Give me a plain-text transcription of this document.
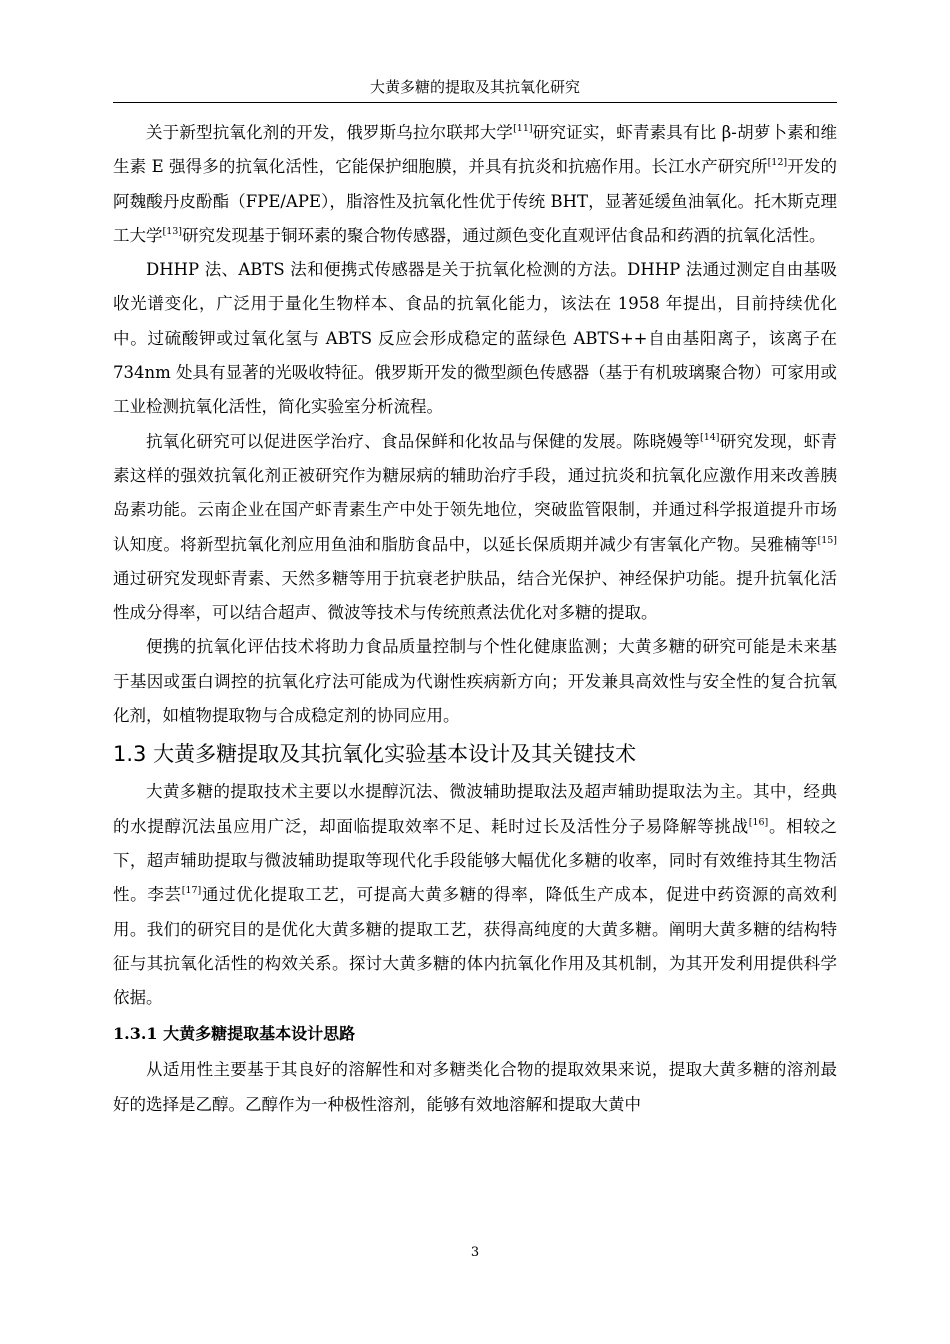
大黄多糖的提取及其抗氧化研究

关于新型抗氧化剂的开发，俄罗斯乌拉尔联邦大学[11]研究证实，虾青素具有比 β-胡萝卜素和维生素 E 强得多的抗氧化活性，它能保护细胞膜，并具有抗炎和抗癌作用。长江水产研究所[12]开发的阿魏酸丹皮酚酯（FPE/APE），脂溶性及抗氧化性优于传统 BHT，显著延缓鱼油氧化。托木斯克理工大学[13]研究发现基于铜环素的聚合物传感器，通过颜色变化直观评估食品和药酒的抗氧化活性。

DHHP 法、ABTS 法和便携式传感器是关于抗氧化检测的方法。DHHP 法通过测定自由基吸收光谱变化，广泛用于量化生物样本、食品的抗氧化能力，该法在 1958 年提出，目前持续优化中。过硫酸钾或过氧化氢与 ABTS 反应会形成稳定的蓝绿色 ABTS++自由基阳离子，该离子在 734nm 处具有显著的光吸收特征。俄罗斯开发的微型颜色传感器（基于有机玻璃聚合物）可家用或工业检测抗氧化活性，简化实验室分析流程。

抗氧化研究可以促进医学治疗、食品保鲜和化妆品与保健的发展。陈晓嫚等[14]研究发现，虾青素这样的强效抗氧化剂正被研究作为糖尿病的辅助治疗手段，通过抗炎和抗氧化应激作用来改善胰岛素功能。云南企业在国产虾青素生产中处于领先地位，突破监管限制，并通过科学报道提升市场认知度。将新型抗氧化剂应用鱼油和脂肪食品中，以延长保质期并减少有害氧化产物。吴雅楠等[15]通过研究发现虾青素、天然多糖等用于抗衰老护肤品，结合光保护、神经保护功能。提升抗氧化活性成分得率，可以结合超声、微波等技术与传统煎煮法优化对多糖的提取。

便携的抗氧化评估技术将助力食品质量控制与个性化健康监测；大黄多糖的研究可能是未来基于基因或蛋白调控的抗氧化疗法可能成为代谢性疾病新方向；开发兼具高效性与安全性的复合抗氧化剂，如植物提取物与合成稳定剂的协同应用。

1.3 大黄多糖提取及其抗氧化实验基本设计及其关键技术

大黄多糖的提取技术主要以水提醇沉法、微波辅助提取法及超声辅助提取法为主。其中，经典的水提醇沉法虽应用广泛，却面临提取效率不足、耗时过长及活性分子易降解等挑战[16]。相较之下，超声辅助提取与微波辅助提取等现代化手段能够大幅优化多糖的收率，同时有效维持其生物活性。李芸[17]通过优化提取工艺，可提高大黄多糖的得率，降低生产成本，促进中药资源的高效利用。我们的研究目的是优化大黄多糖的提取工艺，获得高纯度的大黄多糖。阐明大黄多糖的结构特征与其抗氧化活性的构效关系。探讨大黄多糖的体内抗氧化作用及其机制，为其开发利用提供科学依据。

1.3.1 大黄多糖提取基本设计思路

从适用性主要基于其良好的溶解性和对多糖类化合物的提取效果来说，提取大黄多糖的溶剂最好的选择是乙醇。乙醇作为一种极性溶剂，能够有效地溶解和提取大黄中

3
